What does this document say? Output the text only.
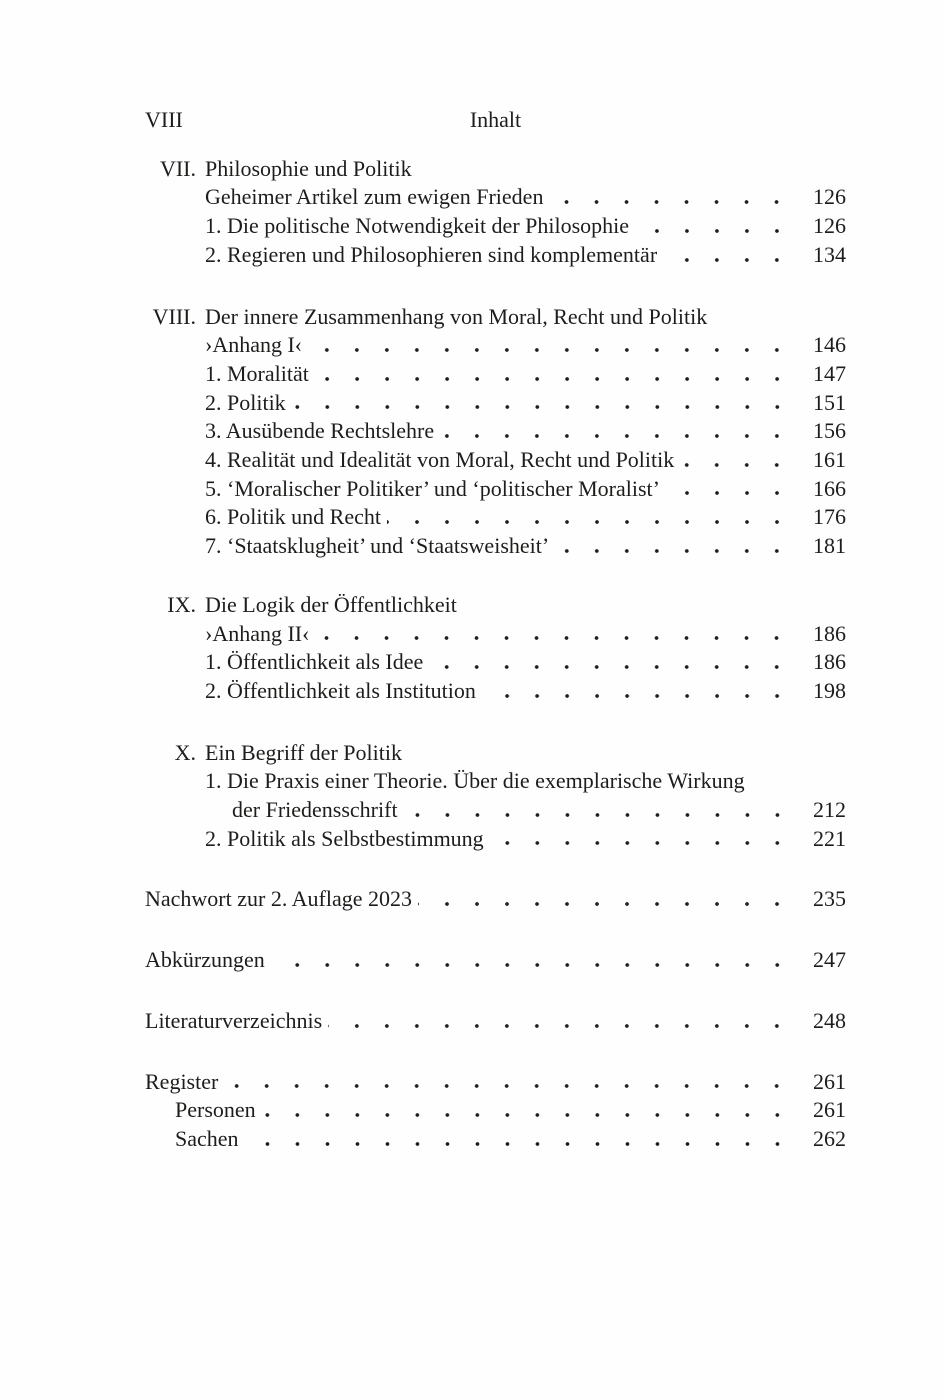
VIII	Inhalt
VII. Philosophie und Politik
Geheimer Artikel zum ewigen Frieden	126
1. Die politische Notwendigkeit der Philosophie	126
2. Regieren und Philosophieren sind komplementär	134
VIII. Der innere Zusammenhang von Moral, Recht und Politik
›Anhang I‹	146
1. Moralität	147
2. Politik	151
3. Ausübende Rechtslehre	156
4. Realität und Idealität von Moral, Recht und Politik	161
5. ‘Moralischer Politiker’ und ‘politischer Moralist’	166
6. Politik und Recht	176
7. ‘Staatsklugheit’ und ‘Staatsweisheit’	181
IX. Die Logik der Öffentlichkeit
›Anhang II‹	186
1. Öffentlichkeit als Idee	186
2. Öffentlichkeit als Institution	198
X. Ein Begriff der Politik
1. Die Praxis einer Theorie. Über die exemplarische Wirkung
der Friedensschrift	212
2. Politik als Selbstbestimmung	221
Nachwort zur 2. Auflage 2023	235
Abkürzungen	247
Literaturverzeichnis	248
Register	261
Personen	261
Sachen	262
